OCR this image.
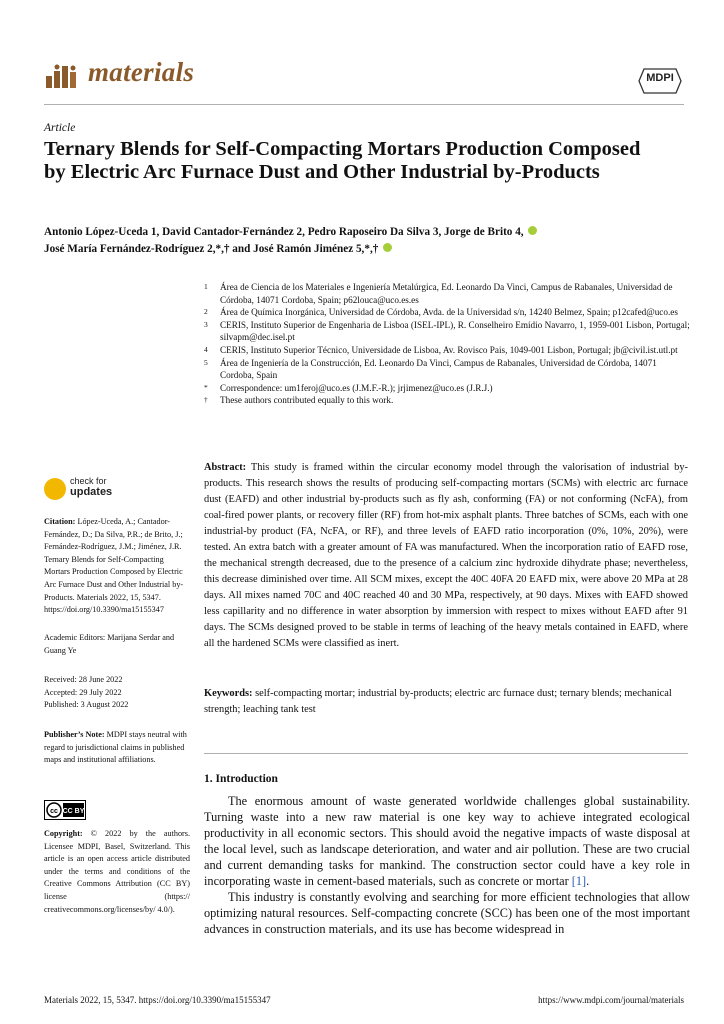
materials	MDPI
Article
Ternary Blends for Self-Compacting Mortars Production Composed by Electric Arc Furnace Dust and Other Industrial by-Products
Antonio López-Uceda 1, David Cantador-Fernández 2, Pedro Raposeiro Da Silva 3, Jorge de Brito 4,
José María Fernández-Rodríguez 2,*,† and José Ramón Jiménez 5,*,†
1 Área de Ciencia de los Materiales e Ingeniería Metalúrgica, Ed. Leonardo Da Vinci, Campus de Rabanales, Universidad de Córdoba, 14071 Cordoba, Spain; p62louca@uco.es.es
2 Área de Química Inorgánica, Universidad de Córdoba, Avda. de la Universidad s/n, 14240 Belmez, Spain; p12cafed@uco.es
3 CERIS, Instituto Superior de Engenharia de Lisboa (ISEL-IPL), R. Conselheiro Emídio Navarro, 1, 1959-001 Lisbon, Portugal; silvapm@dec.isel.pt
4 CERIS, Instituto Superior Técnico, Universidade de Lisboa, Av. Rovisco Pais, 1049-001 Lisbon, Portugal; jb@civil.ist.utl.pt
5 Área de Ingeniería de la Construcción, Ed. Leonardo Da Vinci, Campus de Rabanales, Universidad de Córdoba, 14071 Cordoba, Spain
* Correspondence: um1feroj@uco.es (J.M.F.-R.); jrjimenez@uco.es (J.R.J.)
† These authors contributed equally to this work.
Abstract: This study is framed within the circular economy model through the valorisation of industrial by-products. This research shows the results of producing self-compacting mortars (SCMs) with electric arc furnace dust (EAFD) and other industrial by-products such as fly ash, conforming (FA) or not conforming (NcFA), from coal-fired power plants, or recovery filler (RF) from hot-mix asphalt plants. Three batches of SCMs, each with one industrial-by product (FA, NcFA, or RF), and three levels of EAFD ratio incorporation (0%, 10%, 20%), were tested. An extra batch with a greater amount of FA was manufactured. When the incorporation ratio of EAFD rose, the mechanical strength decreased, due to the presence of a calcium zinc hydroxide dihydrate phase; nevertheless, this decrease diminished over time. All SCM mixes, except the 40C 40FA 20 EAFD mix, were above 20 MPa at 28 days. All mixes named 70C and 40C reached 40 and 30 MPa, respectively, at 90 days. Mixes with EAFD showed less capillarity and no difference in water absorption by immersion with respect to mixes without EAFD after 91 days. The SCMs designed proved to be stable in terms of leaching of the heavy metals contained in EAFD, where all the hardened SCMs were classified as inert.
Keywords: self-compacting mortar; industrial by-products; electric arc furnace dust; ternary blends; mechanical strength; leaching tank test
check for
updates
Citation: López-Uceda, A.; Cantador-Fernández, D.; Da Silva, P.R.; de Brito, J.; Fernández-Rodríguez, J.M.; Jiménez, J.R. Ternary Blends for Self-Compacting Mortars Production Composed by Electric Arc Furnace Dust and Other Industrial by-Products. Materials 2022, 15, 5347. https://doi.org/10.3390/ma15155347
Academic Editors: Marijana Serdar and Guang Ye
Received: 28 June 2022
Accepted: 29 July 2022
Published: 3 August 2022
Publisher’s Note: MDPI stays neutral with regard to jurisdictional claims in published maps and institutional affiliations.
cc CC BY
Copyright: © 2022 by the authors. Licensee MDPI, Basel, Switzerland. This article is an open access article distributed under the terms and conditions of the Creative Commons Attribution (CC BY) license (https:// creativecommons.org/licenses/by/ 4.0/).
1. Introduction

The enormous amount of waste generated worldwide challenges global sustainability. Turning waste into a new raw material is one key way to achieve integrated ecological productivity in all economic sectors. This should avoid the negative impacts of waste disposal at the local level, such as landscape deterioration, and water and air pollution. These are two crucial and current demanding tasks for mankind. The construction sector could have a key role in incorporating waste in cement-based materials, such as concrete or mortar [1].

This industry is constantly evolving and searching for more efficient technologies that allow optimizing natural resources. Self-compacting concrete (SCC) has been one of the most important advances in construction materials, and its use has become widespread in

Materials 2022, 15, 5347. https://doi.org/10.3390/ma15155347	https://www.mdpi.com/journal/materials
